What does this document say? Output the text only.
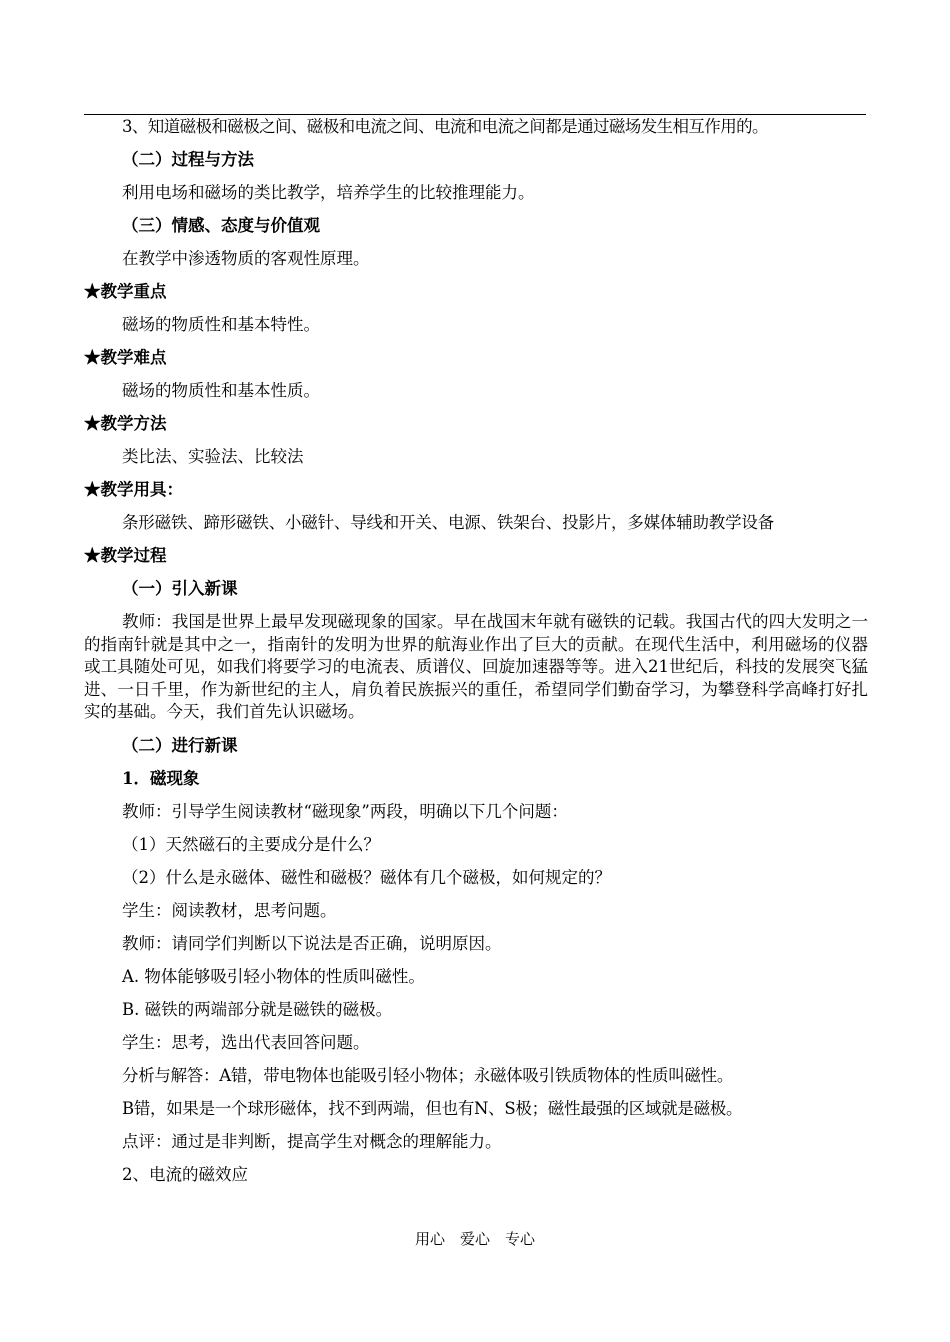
3、知道磁极和磁极之间、磁极和电流之间、电流和电流之间都是通过磁场发生相互作用的。

（二）过程与方法

利用电场和磁场的类比教学，培养学生的比较推理能力。

（三）情感、态度与价值观

在教学中渗透物质的客观性原理。

★教学重点

磁场的物质性和基本特性。

★教学难点

磁场的物质性和基本性质。

★教学方法

类比法、实验法、比较法

★教学用具：

条形磁铁、蹄形磁铁、小磁针、导线和开关、电源、铁架台、投影片，多媒体辅助教学设备

★教学过程

（一）引入新课

教师：我国是世界上最早发现磁现象的国家。早在战国末年就有磁铁的记载。我国古代的四大发明之一的指南针就是其中之一，指南针的发明为世界的航海业作出了巨大的贡献。在现代生活中，利用磁场的仪器或工具随处可见，如我们将要学习的电流表、质谱仪、回旋加速器等等。进入21世纪后，科技的发展突飞猛进、一日千里，作为新世纪的主人，肩负着民族振兴的重任，希望同学们勤奋学习，为攀登科学高峰打好扎实的基础。今天，我们首先认识磁场。

（二）进行新课

1．磁现象

教师：引导学生阅读教材“磁现象”两段，明确以下几个问题：

（1）天然磁石的主要成分是什么？

（2）什么是永磁体、磁性和磁极？磁体有几个磁极，如何规定的？

学生：阅读教材，思考问题。

教师：请同学们判断以下说法是否正确，说明原因。

A. 物体能够吸引轻小物体的性质叫磁性。

B. 磁铁的两端部分就是磁铁的磁极。

学生：思考，选出代表回答问题。

分析与解答：A错，带电物体也能吸引轻小物体；永磁体吸引铁质物体的性质叫磁性。

B错，如果是一个球形磁体，找不到两端，但也有N、S极；磁性最强的区域就是磁极。

点评：通过是非判断，提高学生对概念的理解能力。

2、电流的磁效应

用心　爱心　专心
